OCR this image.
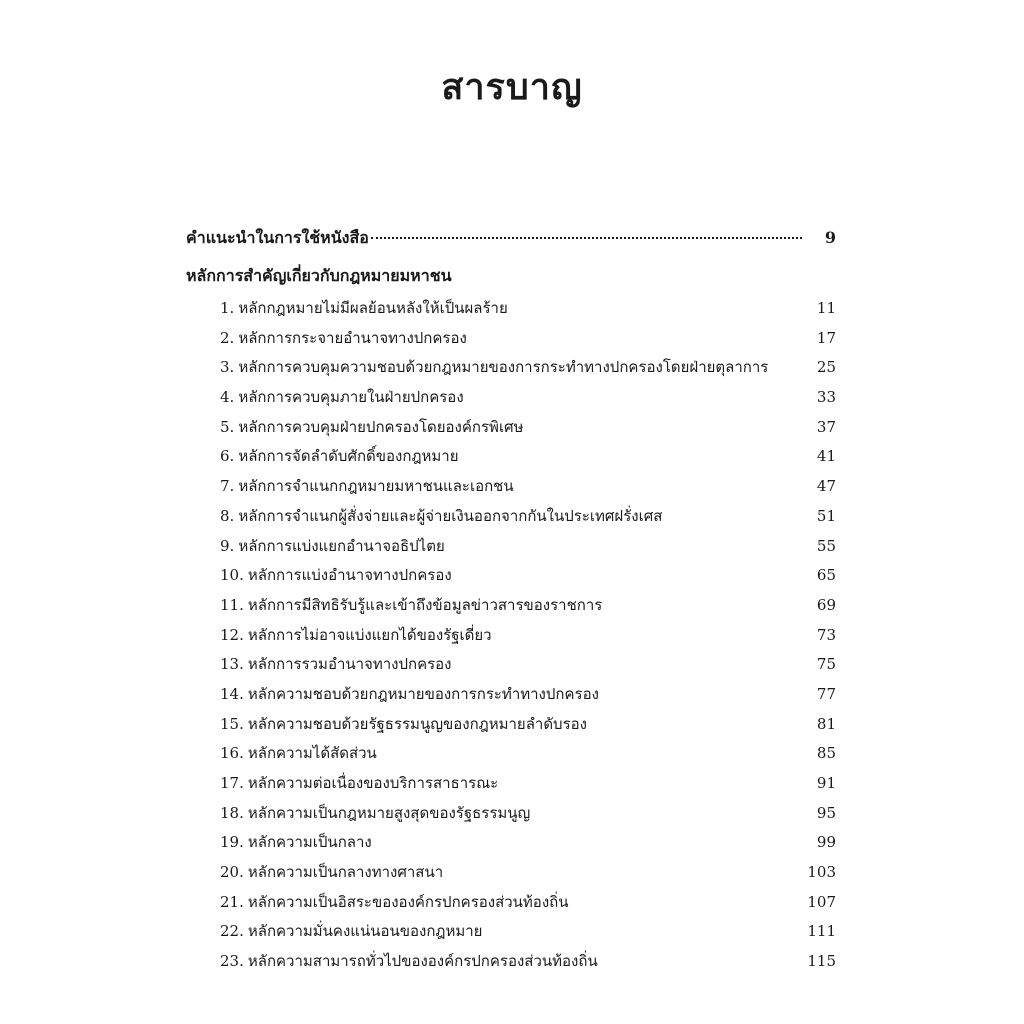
สารบาญ
คำแนะนำในการใช้หนังสือ	9
หลักการสำคัญเกี่ยวกับกฎหมายมหาชน
1. หลักกฎหมายไม่มีผลย้อนหลังให้เป็นผลร้าย	11
2. หลักการกระจายอำนาจทางปกครอง	17
3. หลักการควบคุมความชอบด้วยกฎหมายของการกระทำทางปกครองโดยฝ่ายตุลาการ	25
4. หลักการควบคุมภายในฝ่ายปกครอง	33
5. หลักการควบคุมฝ่ายปกครองโดยองค์กรพิเศษ	37
6. หลักการจัดลำดับศักดิ์ของกฎหมาย	41
7. หลักการจำแนกกฎหมายมหาชนและเอกชน	47
8. หลักการจำแนกผู้สั่งจ่ายและผู้จ่ายเงินออกจากกันในประเทศฝรั่งเศส	51
9. หลักการแบ่งแยกอำนาจอธิปไตย	55
10. หลักการแบ่งอำนาจทางปกครอง	65
11. หลักการมีสิทธิรับรู้และเข้าถึงข้อมูลข่าวสารของราชการ	69
12. หลักการไม่อาจแบ่งแยกได้ของรัฐเดี่ยว	73
13. หลักการรวมอำนาจทางปกครอง	75
14. หลักความชอบด้วยกฎหมายของการกระทำทางปกครอง	77
15. หลักความชอบด้วยรัฐธรรมนูญของกฎหมายลำดับรอง	81
16. หลักความได้สัดส่วน	85
17. หลักความต่อเนื่องของบริการสาธารณะ	91
18. หลักความเป็นกฎหมายสูงสุดของรัฐธรรมนูญ	95
19. หลักความเป็นกลาง	99
20. หลักความเป็นกลางทางศาสนา	103
21. หลักความเป็นอิสระขององค์กรปกครองส่วนท้องถิ่น	107
22. หลักความมั่นคงแน่นอนของกฎหมาย	111
23. หลักความสามารถทั่วไปขององค์กรปกครองส่วนท้องถิ่น	115
